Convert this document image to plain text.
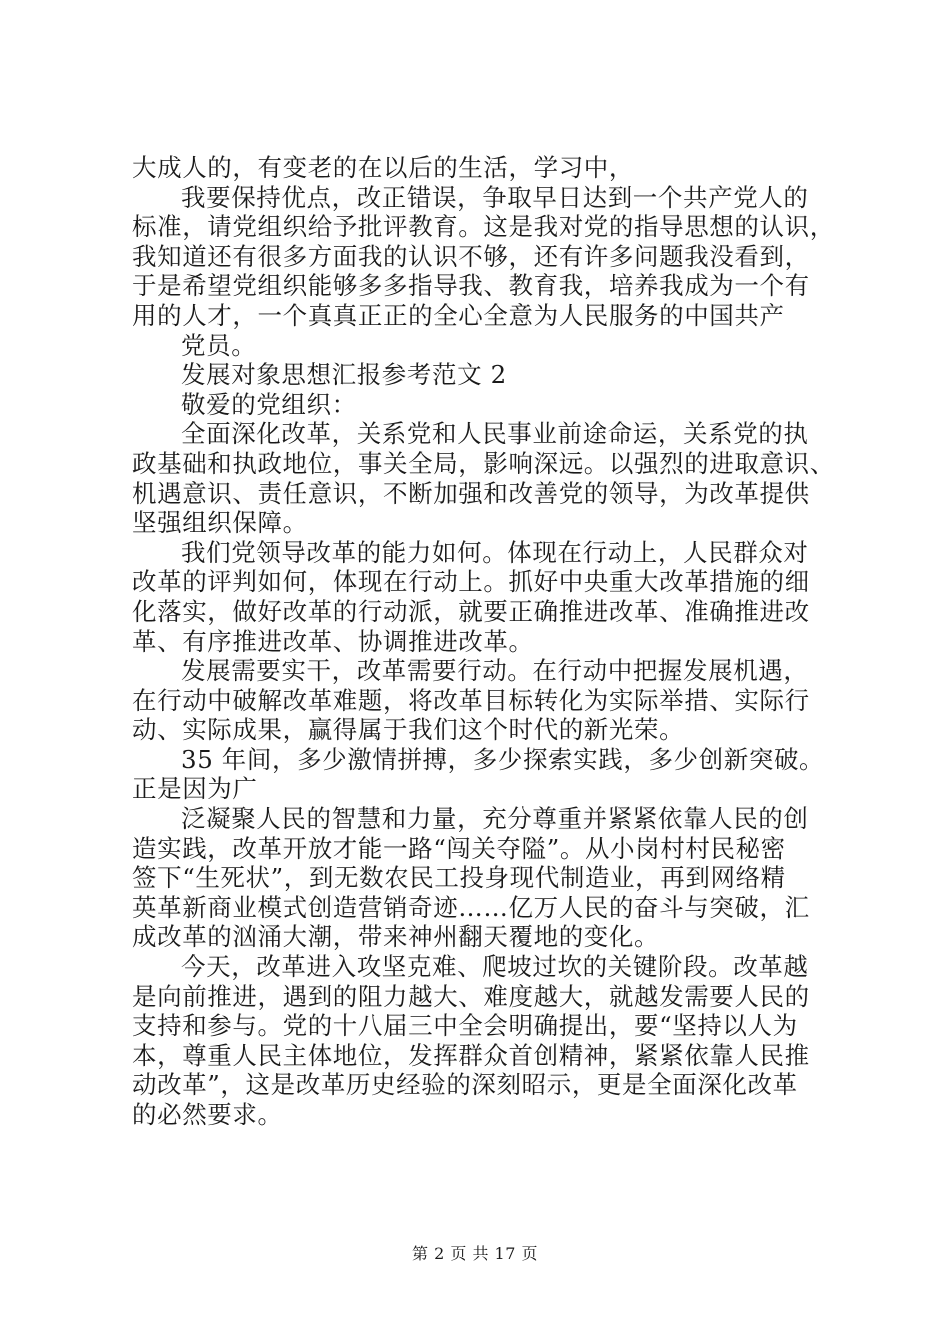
大成人的，有变老的在以后的生活，学习中，
我要保持优点，改正错误，争取早日达到一个共产党人的
标准，请党组织给予批评教育。这是我对党的指导思想的认识，
我知道还有很多方面我的认识不够，还有许多问题我没看到，
于是希望党组织能够多多指导我、教育我，培养我成为一个有
用的人才，一个真真正正的全心全意为人民服务的中国共产
党员。
发展对象思想汇报参考范文 2
敬爱的党组织：
全面深化改革，关系党和人民事业前途命运，关系党的执
政基础和执政地位，事关全局，影响深远。以强烈的进取意识、
机遇意识、责任意识，不断加强和改善党的领导，为改革提供
坚强组织保障。
我们党领导改革的能力如何。体现在行动上，人民群众对
改革的评判如何，体现在行动上。抓好中央重大改革措施的细
化落实，做好改革的行动派，就要正确推进改革、准确推进改
革、有序推进改革、协调推进改革。
发展需要实干，改革需要行动。在行动中把握发展机遇，
在行动中破解改革难题，将改革目标转化为实际举措、实际行
动、实际成果，赢得属于我们这个时代的新光荣。
35 年间，多少激情拼搏，多少探索实践，多少创新突破。
正是因为广
泛凝聚人民的智慧和力量，充分尊重并紧紧依靠人民的创
造实践，改革开放才能一路“闯关夺隘”。从小岗村村民秘密
签下“生死状”，到无数农民工投身现代制造业，再到网络精
英革新商业模式创造营销奇迹……亿万人民的奋斗与突破，汇
成改革的汹涌大潮，带来神州翻天覆地的变化。
今天，改革进入攻坚克难、爬坡过坎的关键阶段。改革越
是向前推进，遇到的阻力越大、难度越大，就越发需要人民的
支持和参与。党的十八届三中全会明确提出，要“坚持以人为
本，尊重人民主体地位，发挥群众首创精神，紧紧依靠人民推
动改革”，这是改革历史经验的深刻昭示，更是全面深化改革
的必然要求。
第 2 页 共 17 页
